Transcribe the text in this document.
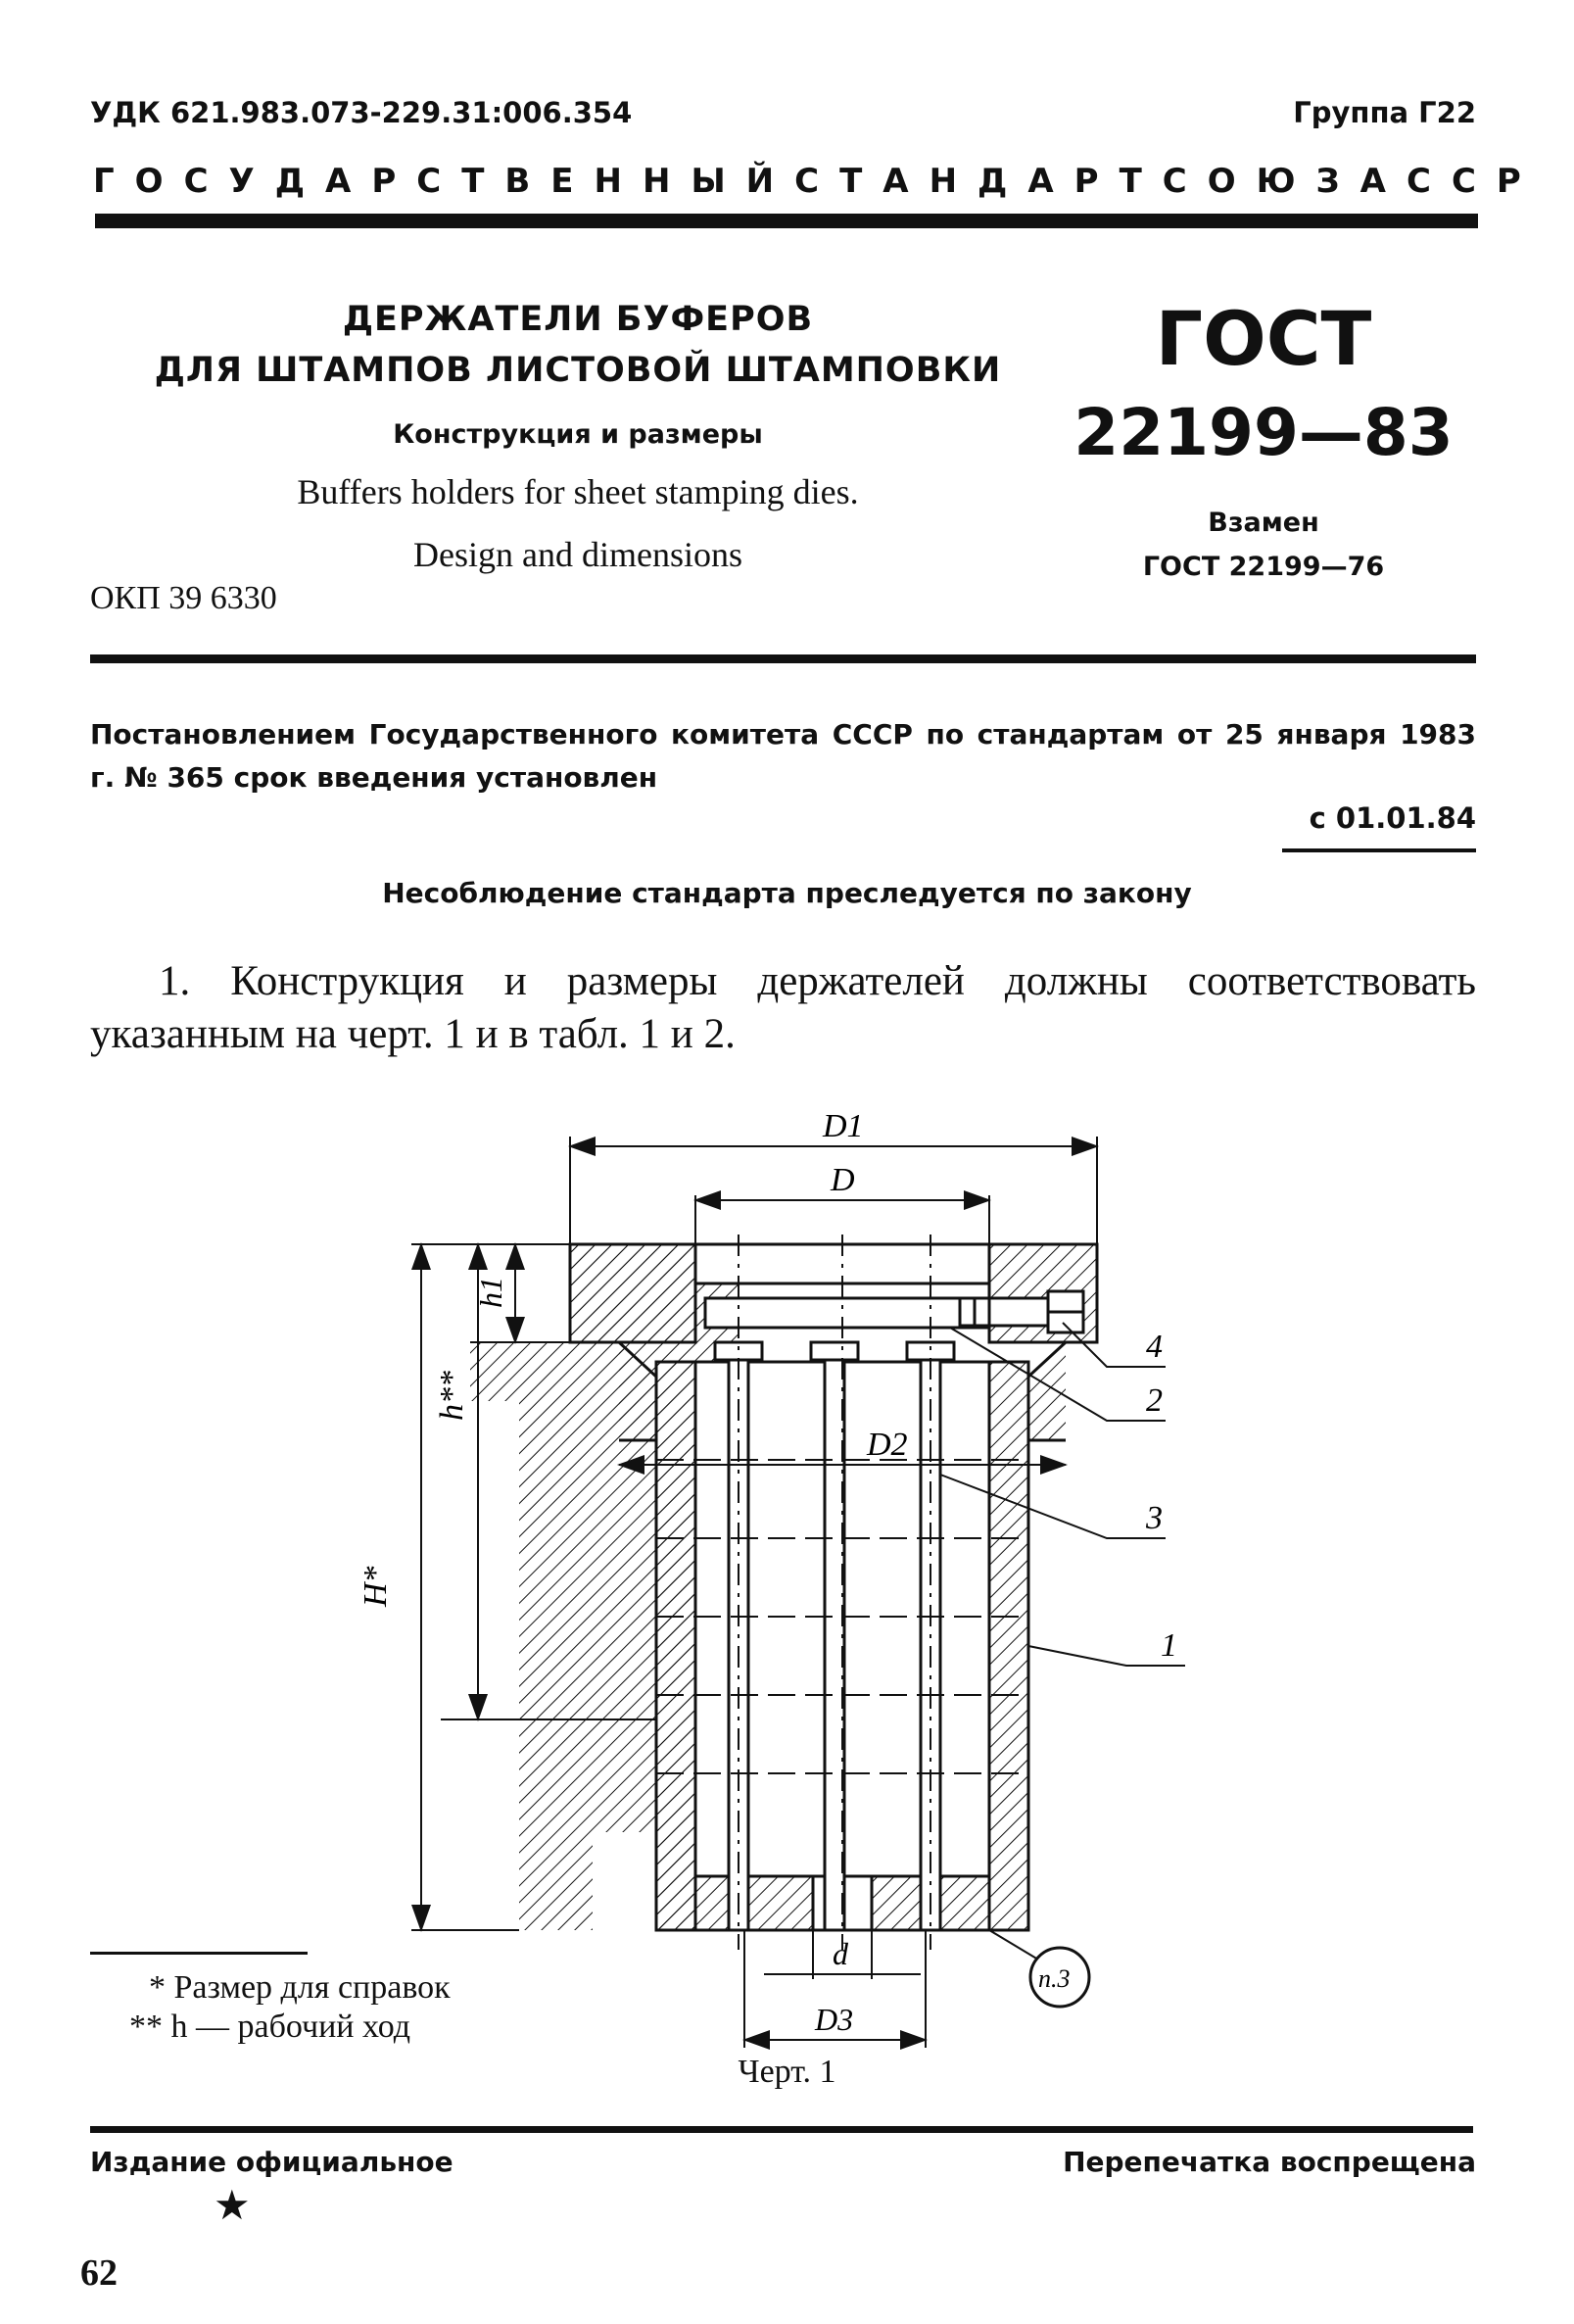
УДК 621.983.073-229.31:006.354	Группа Г22
ГОСУДАРСТВЕННЫЙ СТАНДАРТ СОЮЗА ССР
ДЕРЖАТЕЛИ БУФЕРОВ
ДЛЯ ШТАМПОВ ЛИСТОВОЙ ШТАМПОВКИ
Конструкция и размеры
Buffers holders for sheet stamping dies.
Design and dimensions
ГОСТ
22199—83
Взамен
ГОСТ 22199—76
ОКП 39 6330
Постановлением Государственного комитета СССР по стандартам от 25 января 1983 г. № 365 срок введения установлен
с 01.01.84
Несоблюдение стандарта преследуется по закону
1. Конструкция и размеры держателей должны соответствовать указанным на черт. 1 и в табл. 1 и 2.
D1
D
D2
H*
h**
h1
d
D3
4
2
3
1
п.3
* Размер для справок
** h — рабочий ход
Черт. 1
Издание официальное	Перепечатка воспрещена
★
62
